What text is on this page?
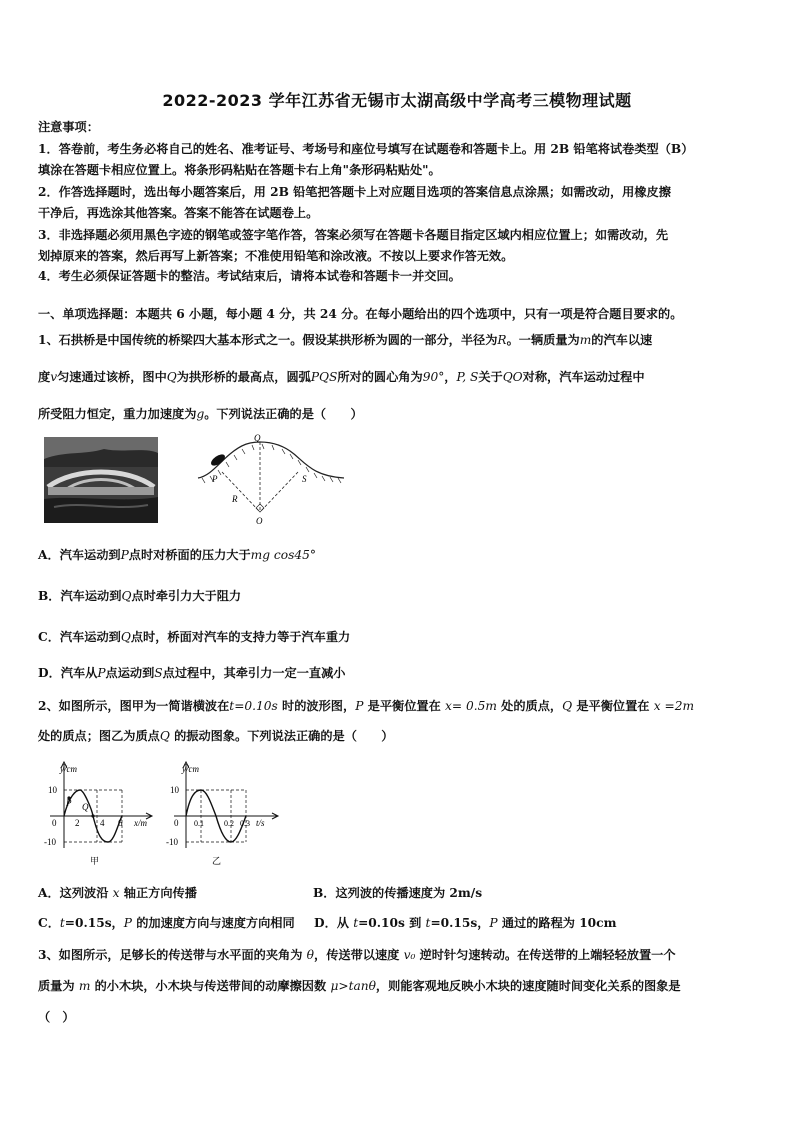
2022-2023 学年江苏省无锡市太湖高级中学高考三模物理试题
注意事项：
1．答卷前，考生务必将自己的姓名、准考证号、考场号和座位号填写在试题卷和答题卡上。用 2B 铅笔将试卷类型（B）
填涂在答题卡相应位置上。将条形码粘贴在答题卡右上角"条形码粘贴处"。
2．作答选择题时，选出每小题答案后，用 2B 铅笔把答题卡上对应题目选项的答案信息点涂黑；如需改动，用橡皮擦
干净后，再选涂其他答案。答案不能答在试题卷上。
3．非选择题必须用黑色字迹的钢笔或签字笔作答，答案必须写在答题卡各题目指定区域内相应位置上；如需改动，先
划掉原来的答案，然后再写上新答案；不准使用铅笔和涂改液。不按以上要求作答无效。
4．考生必须保证答题卡的整洁。考试结束后，请将本试卷和答题卡一并交回。
一、单项选择题：本题共 6 小题，每小题 4 分，共 24 分。在每小题给出的四个选项中，只有一项是符合题目要求的。
1、石拱桥是中国传统的桥梁四大基本形式之一。假设某拱形桥为圆的一部分，半径为R。一辆质量为m的汽车以速
度v匀速通过该桥，图中Q为拱形桥的最高点，圆弧PQS所对的圆心角为90°，P, S关于QO对称，汽车运动过程中
所受阻力恒定，重力加速度为g。下列说法正确的是（　　）
Q
P	S
R
O
A．汽车运动到P点时对桥面的压力大于mg cos45°
B．汽车运动到Q点时牵引力大于阻力
C．汽车运动到Q点时，桥面对汽车的支持力等于汽车重力
D．汽车从P点运动到S点过程中，其牵引力一定一直减小
2、如图所示，图甲为一简谐横波在t=0.10s 时的波形图，P 是平衡位置在 x= 0.5m 处的质点，Q 是平衡位置在 x =2m
处的质点；图乙为质点Q 的振动图象。下列说法正确的是（　　）
y/cm
10
-10
0
P Q
2 4 6 x/m
甲
y/cm
10
-10
0 0.1	0.2 0.3 t/s
乙
A．这列波沿 x 轴正方向传播	B．这列波的传播速度为 2m/s
C．t=0.15s，P 的加速度方向与速度方向相同 D．从 t=0.10s 到 t=0.15s，P 通过的路程为 10cm
3、如图所示，足够长的传送带与水平面的夹角为 θ，传送带以速度 v₀ 逆时针匀速转动。在传送带的上端轻轻放置一个
质量为 m 的小木块，小木块与传送带间的动摩擦因数 μ>tanθ，则能客观地反映小木块的速度随时间变化关系的图象是
（　）
